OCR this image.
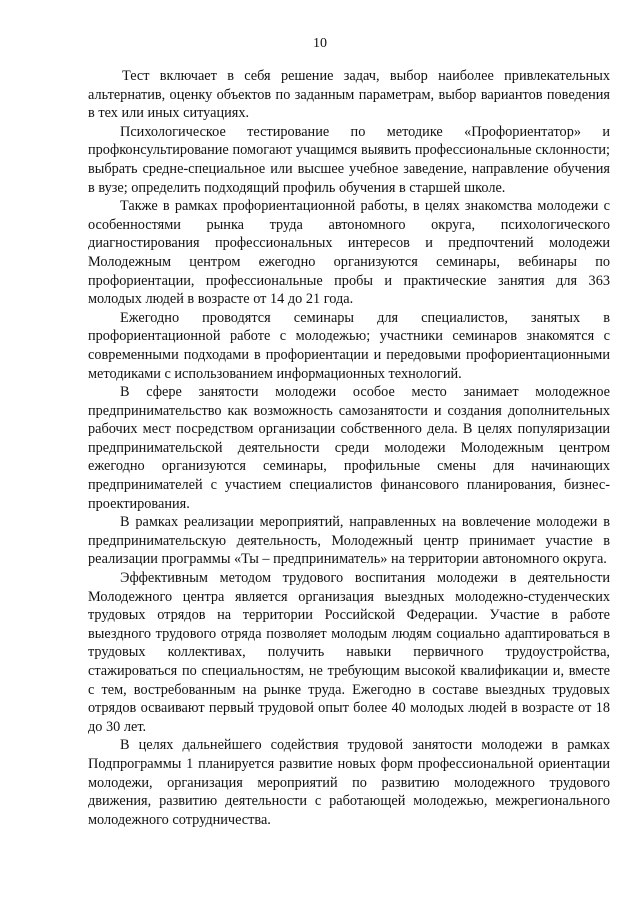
10

Тест включает в себя решение задач, выбор наиболее привлекательных альтернатив, оценку объектов по заданным параметрам, выбор вариантов поведения в тех или иных ситуациях.

Психологическое тестирование по методике «Профориентатор» и профконсультирование помогают учащимся выявить профессиональные склонности; выбрать средне-специальное или высшее учебное заведение, направление обучения в вузе; определить подходящий профиль обучения в старшей школе.

Также в рамках профориентационной работы, в целях знакомства молодежи с особенностями рынка труда автономного округа, психологического диагностирования профессиональных интересов и предпочтений молодежи Молодежным центром ежегодно организуются семинары, вебинары по профориентации, профессиональные пробы и практические занятия для 363 молодых людей в возрасте от 14 до 21 года.

Ежегодно проводятся семинары для специалистов, занятых в профориентационной работе с молодежью; участники семинаров знакомятся с современными подходами в профориентации и передовыми профориентационными методиками с использованием информационных технологий.

В сфере занятости молодежи особое место занимает молодежное предпринимательство как возможность самозанятости и создания дополнительных рабочих мест посредством организации собственного дела. В целях популяризации предпринимательской деятельности среди молодежи Молодежным центром ежегодно организуются семинары, профильные смены для начинающих предпринимателей с участием специалистов финансового планирования, бизнес-проектирования.

В рамках реализации мероприятий, направленных на вовлечение молодежи в предпринимательскую деятельность, Молодежный центр принимает участие в реализации программы «Ты – предприниматель» на территории автономного округа.

Эффективным методом трудового воспитания молодежи в деятельности Молодежного центра является организация выездных молодежно-студенческих трудовых отрядов на территории Российской Федерации. Участие в работе выездного трудового отряда позволяет молодым людям социально адаптироваться в трудовых коллективах, получить навыки первичного трудоустройства, стажироваться по специальностям, не требующим высокой квалификации и, вместе с тем, востребованным на рынке труда. Ежегодно в составе выездных трудовых отрядов осваивают первый трудовой опыт более 40 молодых людей в возрасте от 18 до 30 лет.

В целях дальнейшего содействия трудовой занятости молодежи в рамках Подпрограммы 1 планируется развитие новых форм профессиональной ориентации молодежи, организация мероприятий по развитию молодежного трудового движения, развитию деятельности с работающей молодежью, межрегионального молодежного сотрудничества.
